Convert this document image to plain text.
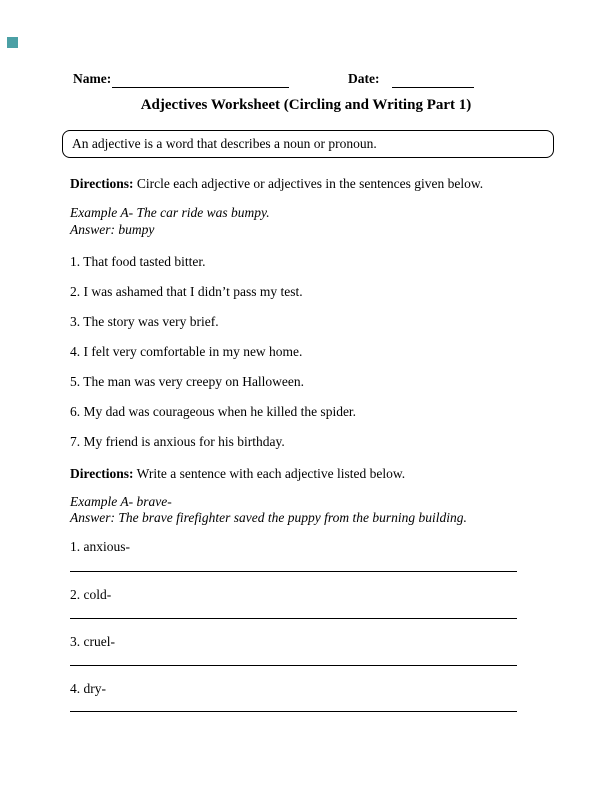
Name:	Date:
Adjectives Worksheet (Circling and Writing Part 1)
An adjective is a word that describes a noun or pronoun.
Directions: Circle each adjective or adjectives in the sentences given below.
Example A- The car ride was bumpy.
Answer: bumpy
1. That food tasted bitter.
2. I was ashamed that I didn’t pass my test.
3. The story was very brief.
4. I felt very comfortable in my new home.
5. The man was very creepy on Halloween.
6. My dad was courageous when he killed the spider.
7. My friend is anxious for his birthday.
Directions: Write a sentence with each adjective listed below.
Example A- brave-
Answer: The brave firefighter saved the puppy from the burning building.
1. anxious-
2. cold-
3. cruel-
4. dry-
